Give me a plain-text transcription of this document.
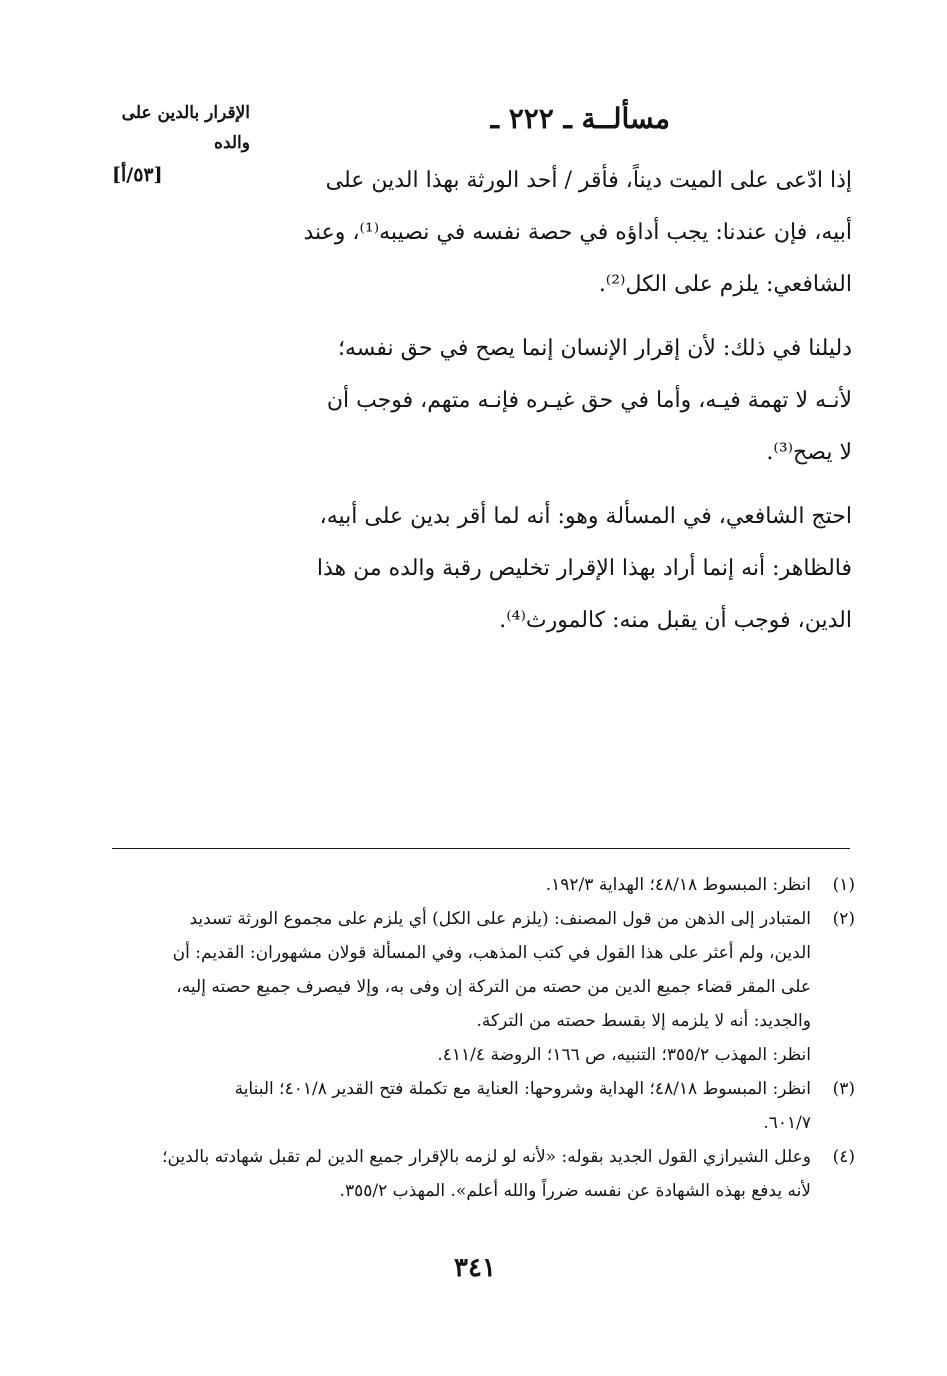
الإقرار بالدين على
والده
[٥٣/أ]
مسألــة ـ ٢٢٢ ـ

إذا ادّعى على الميت ديناً، فأقر / أحد الورثة بهذا الدين على
أبيه، فإن عندنا: يجب أداؤه في حصة نفسه في نصيبه⁽¹⁾، وعند
الشافعي: يلزم على الكل⁽²⁾.

دليلنا في ذلك: لأن إقرار الإنسان إنما يصح في حق نفسه؛
لأنـه لا تهمة فيـه، وأما في حق غيـره فإنـه متهم، فوجب أن
لا يصح⁽³⁾.

احتج الشافعي، في المسألة وهو: أنه لما أقر بدين على أبيه،
فالظاهر: أنه إنما أراد بهذا الإقرار تخليص رقبة والده من هذا
الدين، فوجب أن يقبل منه: كالمورث⁽⁴⁾.

(١)
انظر: المبسوط ٤٨/١٨؛ الهداية ١٩٢/٣.
(٢)
المتبادر إلى الذهن من قول المصنف: (يلزم على الكل) أي يلزم على مجموع الورثة تسديد
الدين، ولم أعثر على هذا القول في كتب المذهب، وفي المسألة قولان مشهوران: القديم: أن
على المقر قضاء جميع الدين من حصته من التركة إن وفى به، وإلا فيصرف جميع حصته إليه،
والجديد: أنه لا يلزمه إلا بقسط حصته من التركة.
انظر: المهذب ٣٥٥/٢؛ التنبيه، ص ١٦٦؛ الروضة ٤١١/٤.
(٣)
انظر: المبسوط ٤٨/١٨؛ الهداية وشروحها: العناية مع تكملة فتح القدير ٤٠١/٨؛ البناية
٦٠١/٧.
(٤)
وعلل الشيرازي القول الجديد بقوله: «لأنه لو لزمه بالإقرار جميع الدين لم تقبل شهادته بالدين؛
لأنه يدفع بهذه الشهادة عن نفسه ضرراً والله أعلم». المهذب ٣٥٥/٢.
٣٤١
